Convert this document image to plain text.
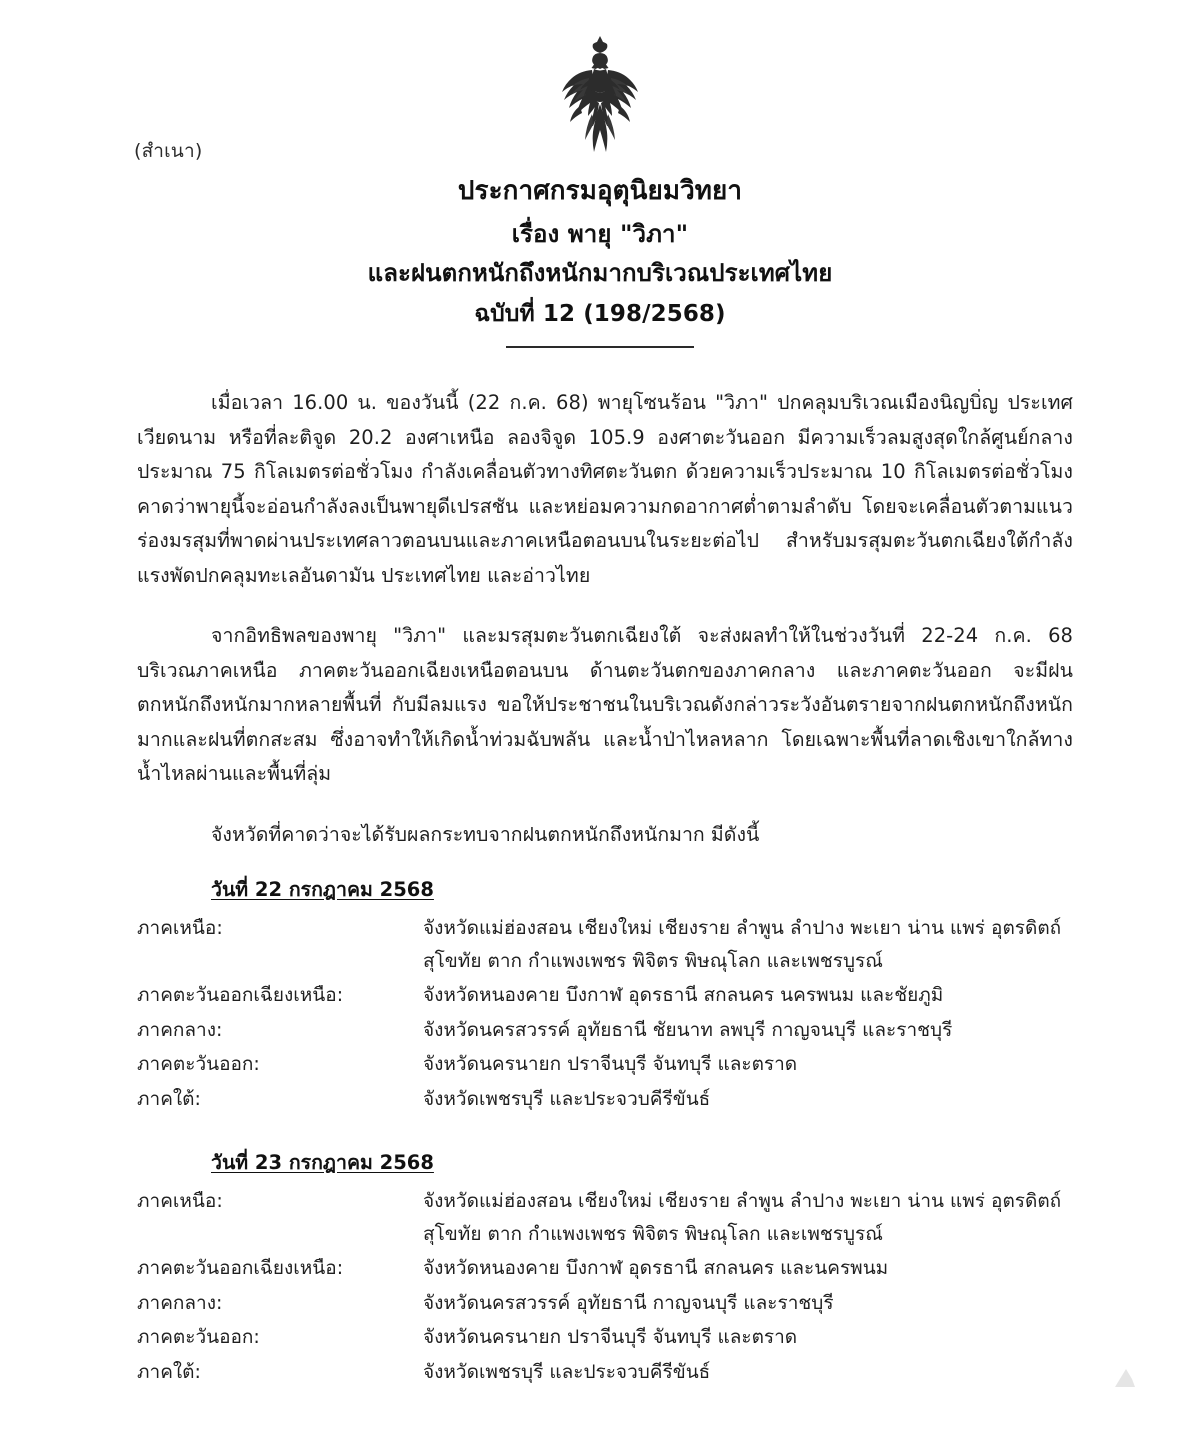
(สำเนา)
ประกาศกรมอุตุนิยมวิทยา
เรื่อง พายุ "วิภา"
และฝนตกหนักถึงหนักมากบริเวณประเทศไทย
ฉบับที่ 12 (198/2568)

เมื่อเวลา 16.00 น. ของวันนี้ (22 ก.ค. 68) พายุโซนร้อน "วิภา" ปกคลุมบริเวณเมืองนิญบิ่ญ ประเทศเวียดนาม หรือที่ละติจูด 20.2 องศาเหนือ ลองจิจูด 105.9 องศาตะวันออก มีความเร็วลมสูงสุดใกล้ศูนย์กลางประมาณ 75 กิโลเมตรต่อชั่วโมง กำลังเคลื่อนตัวทางทิศตะวันตก ด้วยความเร็วประมาณ 10 กิโลเมตรต่อชั่วโมง คาดว่าพายุนี้จะอ่อนกำลังลงเป็นพายุดีเปรสชัน และหย่อมความกดอากาศต่ำตามลำดับ โดยจะเคลื่อนตัวตามแนวร่องมรสุมที่พาดผ่านประเทศลาวตอนบนและภาคเหนือตอนบนในระยะต่อไป สำหรับมรสุมตะวันตกเฉียงใต้กำลังแรงพัดปกคลุมทะเลอันดามัน ประเทศไทย และอ่าวไทย

จากอิทธิพลของพายุ "วิภา" และมรสุมตะวันตกเฉียงใต้ จะส่งผลทำให้ในช่วงวันที่ 22-24 ก.ค. 68 บริเวณภาคเหนือ ภาคตะวันออกเฉียงเหนือตอนบน ด้านตะวันตกของภาคกลาง และภาคตะวันออก จะมีฝนตกหนักถึงหนักมากหลายพื้นที่ กับมีลมแรง ขอให้ประชาชนในบริเวณดังกล่าวระวังอันตรายจากฝนตกหนักถึงหนักมากและฝนที่ตกสะสม ซึ่งอาจทำให้เกิดน้ำท่วมฉับพลัน และน้ำป่าไหลหลาก โดยเฉพาะพื้นที่ลาดเชิงเขาใกล้ทางน้ำไหลผ่านและพื้นที่ลุ่ม

จังหวัดที่คาดว่าจะได้รับผลกระทบจากฝนตกหนักถึงหนักมาก มีดังนี้
วันที่ 22 กรกฎาคม 2568
ภาคเหนือ:	จังหวัดแม่ฮ่องสอน เชียงใหม่ เชียงราย ลำพูน ลำปาง พะเยา น่าน แพร่ อุตรดิตถ์ สุโขทัย ตาก กำแพงเพชร พิจิตร พิษณุโลก และเพชรบูรณ์
ภาคตะวันออกเฉียงเหนือ:	จังหวัดหนองคาย บึงกาฬ อุดรธานี สกลนคร นครพนม และชัยภูมิ
ภาคกลาง:	จังหวัดนครสวรรค์ อุทัยธานี ชัยนาท ลพบุรี กาญจนบุรี และราชบุรี
ภาคตะวันออก:	จังหวัดนครนายก ปราจีนบุรี จันทบุรี และตราด
ภาคใต้:	จังหวัดเพชรบุรี และประจวบคีรีขันธ์
วันที่ 23 กรกฎาคม 2568
ภาคเหนือ:	จังหวัดแม่ฮ่องสอน เชียงใหม่ เชียงราย ลำพูน ลำปาง พะเยา น่าน แพร่ อุตรดิตถ์ สุโขทัย ตาก กำแพงเพชร พิจิตร พิษณุโลก และเพชรบูรณ์
ภาคตะวันออกเฉียงเหนือ:	จังหวัดหนองคาย บึงกาฬ อุดรธานี สกลนคร และนครพนม
ภาคกลาง:	จังหวัดนครสวรรค์ อุทัยธานี กาญจนบุรี และราชบุรี
ภาคตะวันออก:	จังหวัดนครนายก ปราจีนบุรี จันทบุรี และตราด
ภาคใต้:	จังหวัดเพชรบุรี และประจวบคีรีขันธ์
